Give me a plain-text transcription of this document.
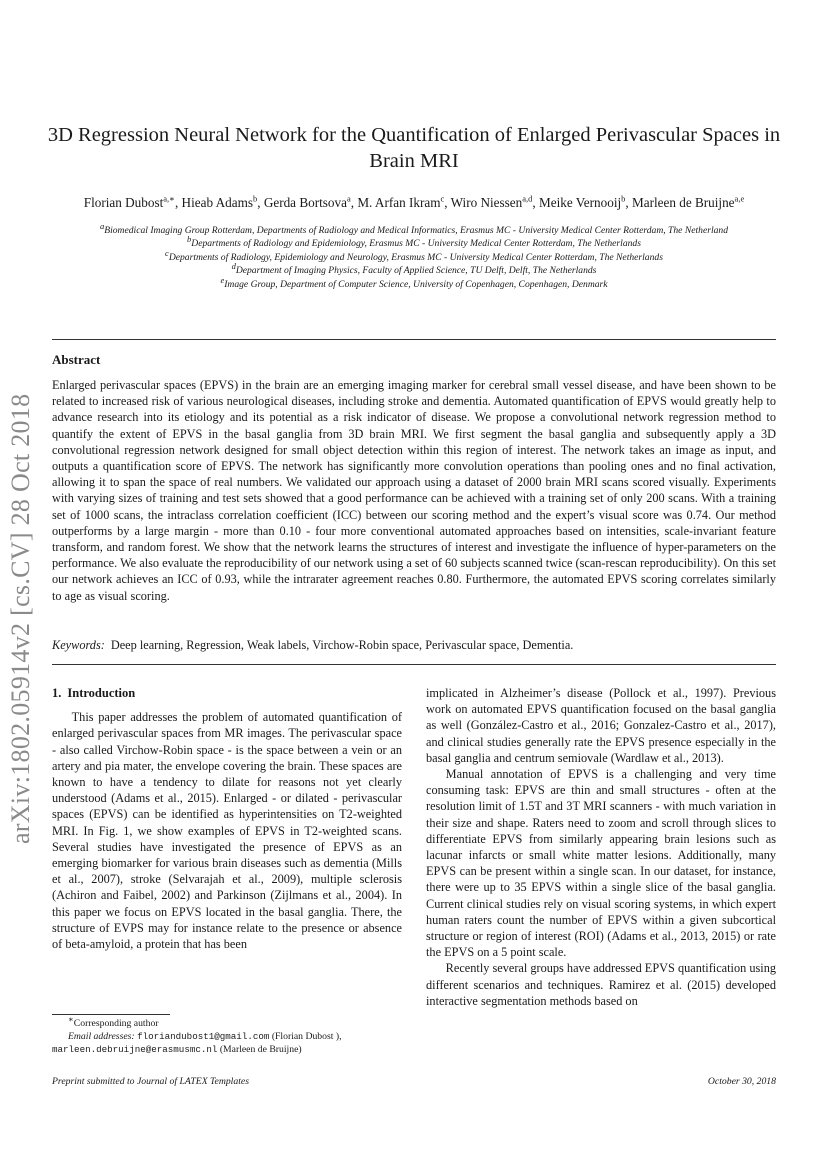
arXiv:1802.05914v2 [cs.CV] 28 Oct 2018
3D Regression Neural Network for the Quantification of Enlarged Perivascular Spaces in Brain MRI
Florian Dubost$^{a,∗}$, Hieab Adams$^b$, Gerda Bortsova$^a$, M. Arfan Ikram$^c$, Wiro Niessen$^{a,d}$, Meike Vernooij$^b$, Marleen de Bruijne$^{a,e}$
$^a$Biomedical Imaging Group Rotterdam, Departments of Radiology and Medical Informatics, Erasmus MC - University Medical Center Rotterdam, The Netherland
$^b$Departments of Radiology and Epidemiology, Erasmus MC - University Medical Center Rotterdam, The Netherlands
$^c$Departments of Radiology, Epidemiology and Neurology, Erasmus MC - University Medical Center Rotterdam, The Netherlands
$^d$Department of Imaging Physics, Faculty of Applied Science, TU Delft, Delft, The Netherlands
$^e$Image Group, Department of Computer Science, University of Copenhagen, Copenhagen, Denmark
Abstract
Enlarged perivascular spaces (EPVS) in the brain are an emerging imaging marker for cerebral small vessel disease, and have been shown to be related to increased risk of various neurological diseases, including stroke and dementia. Automated quantification of EPVS would greatly help to advance research into its etiology and its potential as a risk indicator of disease. We propose a convolutional network regression method to quantify the extent of EPVS in the basal ganglia from 3D brain MRI. We first segment the basal ganglia and subsequently apply a 3D convolutional regression network designed for small object detection within this region of interest. The network takes an image as input, and outputs a quantification score of EPVS. The network has significantly more convolution operations than pooling ones and no final activation, allowing it to span the space of real numbers. We validated our approach using a dataset of 2000 brain MRI scans scored visually. Experiments with varying sizes of training and test sets showed that a good performance can be achieved with a training set of only 200 scans. With a training set of 1000 scans, the intraclass correlation coefficient (ICC) between our scoring method and the expert’s visual score was 0.74. Our method outperforms by a large margin - more than 0.10 - four more conventional automated approaches based on intensities, scale-invariant feature transform, and random forest. We show that the network learns the structures of interest and investigate the influence of hyper-parameters on the performance. We also evaluate the reproducibility of our network using a set of 60 subjects scanned twice (scan-rescan reproducibility). On this set our network achieves an ICC of 0.93, while the intrarater agreement reaches 0.80. Furthermore, the automated EPVS scoring correlates similarly to age as visual scoring.
Keywords: Deep learning, Regression, Weak labels, Virchow-Robin space, Perivascular space, Dementia.
1. Introduction

This paper addresses the problem of automated quantification of enlarged perivascular spaces from MR images. The perivascular space - also called Virchow-Robin space - is the space between a vein or an artery and pia mater, the envelope covering the brain. These spaces are known to have a tendency to dilate for reasons not yet clearly understood (Adams et al., 2015). Enlarged - or dilated - perivascular spaces (EPVS) can be identified as hyperintensities on T2-weighted MRI. In Fig. 1, we show examples of EPVS in T2-weighted scans. Several studies have investigated the presence of EPVS as an emerging biomarker for various brain diseases such as dementia (Mills et al., 2007), stroke (Selvarajah et al., 2009), multiple sclerosis (Achiron and Faibel, 2002) and Parkinson (Zijlmans et al., 2004). In this paper we focus on EPVS located in the basal ganglia. There, the structure of EVPS may for instance relate to the presence or absence of beta-amyloid, a protein that has been

implicated in Alzheimer’s disease (Pollock et al., 1997). Previous work on automated EPVS quantification focused on the basal ganglia as well (González-Castro et al., 2016; Gonzalez-Castro et al., 2017), and clinical studies generally rate the EPVS presence especially in the basal ganglia and centrum semiovale (Wardlaw et al., 2013).

Manual annotation of EPVS is a challenging and very time consuming task: EPVS are thin and small structures - often at the resolution limit of 1.5T and 3T MRI scanners - with much variation in their size and shape. Raters need to zoom and scroll through slices to differentiate EPVS from similarly appearing brain lesions such as lacunar infarcts or small white matter lesions. Additionally, many EPVS can be present within a single scan. In our dataset, for instance, there were up to 35 EPVS within a single slice of the basal ganglia. Current clinical studies rely on visual scoring systems, in which expert human raters count the number of EPVS within a given subcortical structure or region of interest (ROI) (Adams et al., 2013, 2015) or rate the EPVS on a 5 point scale.

Recently several groups have addressed EPVS quantification using different scenarios and techniques. Ramirez et al. (2015) developed interactive segmentation methods based on

∗Corresponding author
Email addresses: floriandubost1@gmail.com (Florian Dubost ),
marleen.debruijne@erasmusmc.nl (Marleen de Bruijne)
Preprint submitted to Journal of LATEX Templates	October 30, 2018
